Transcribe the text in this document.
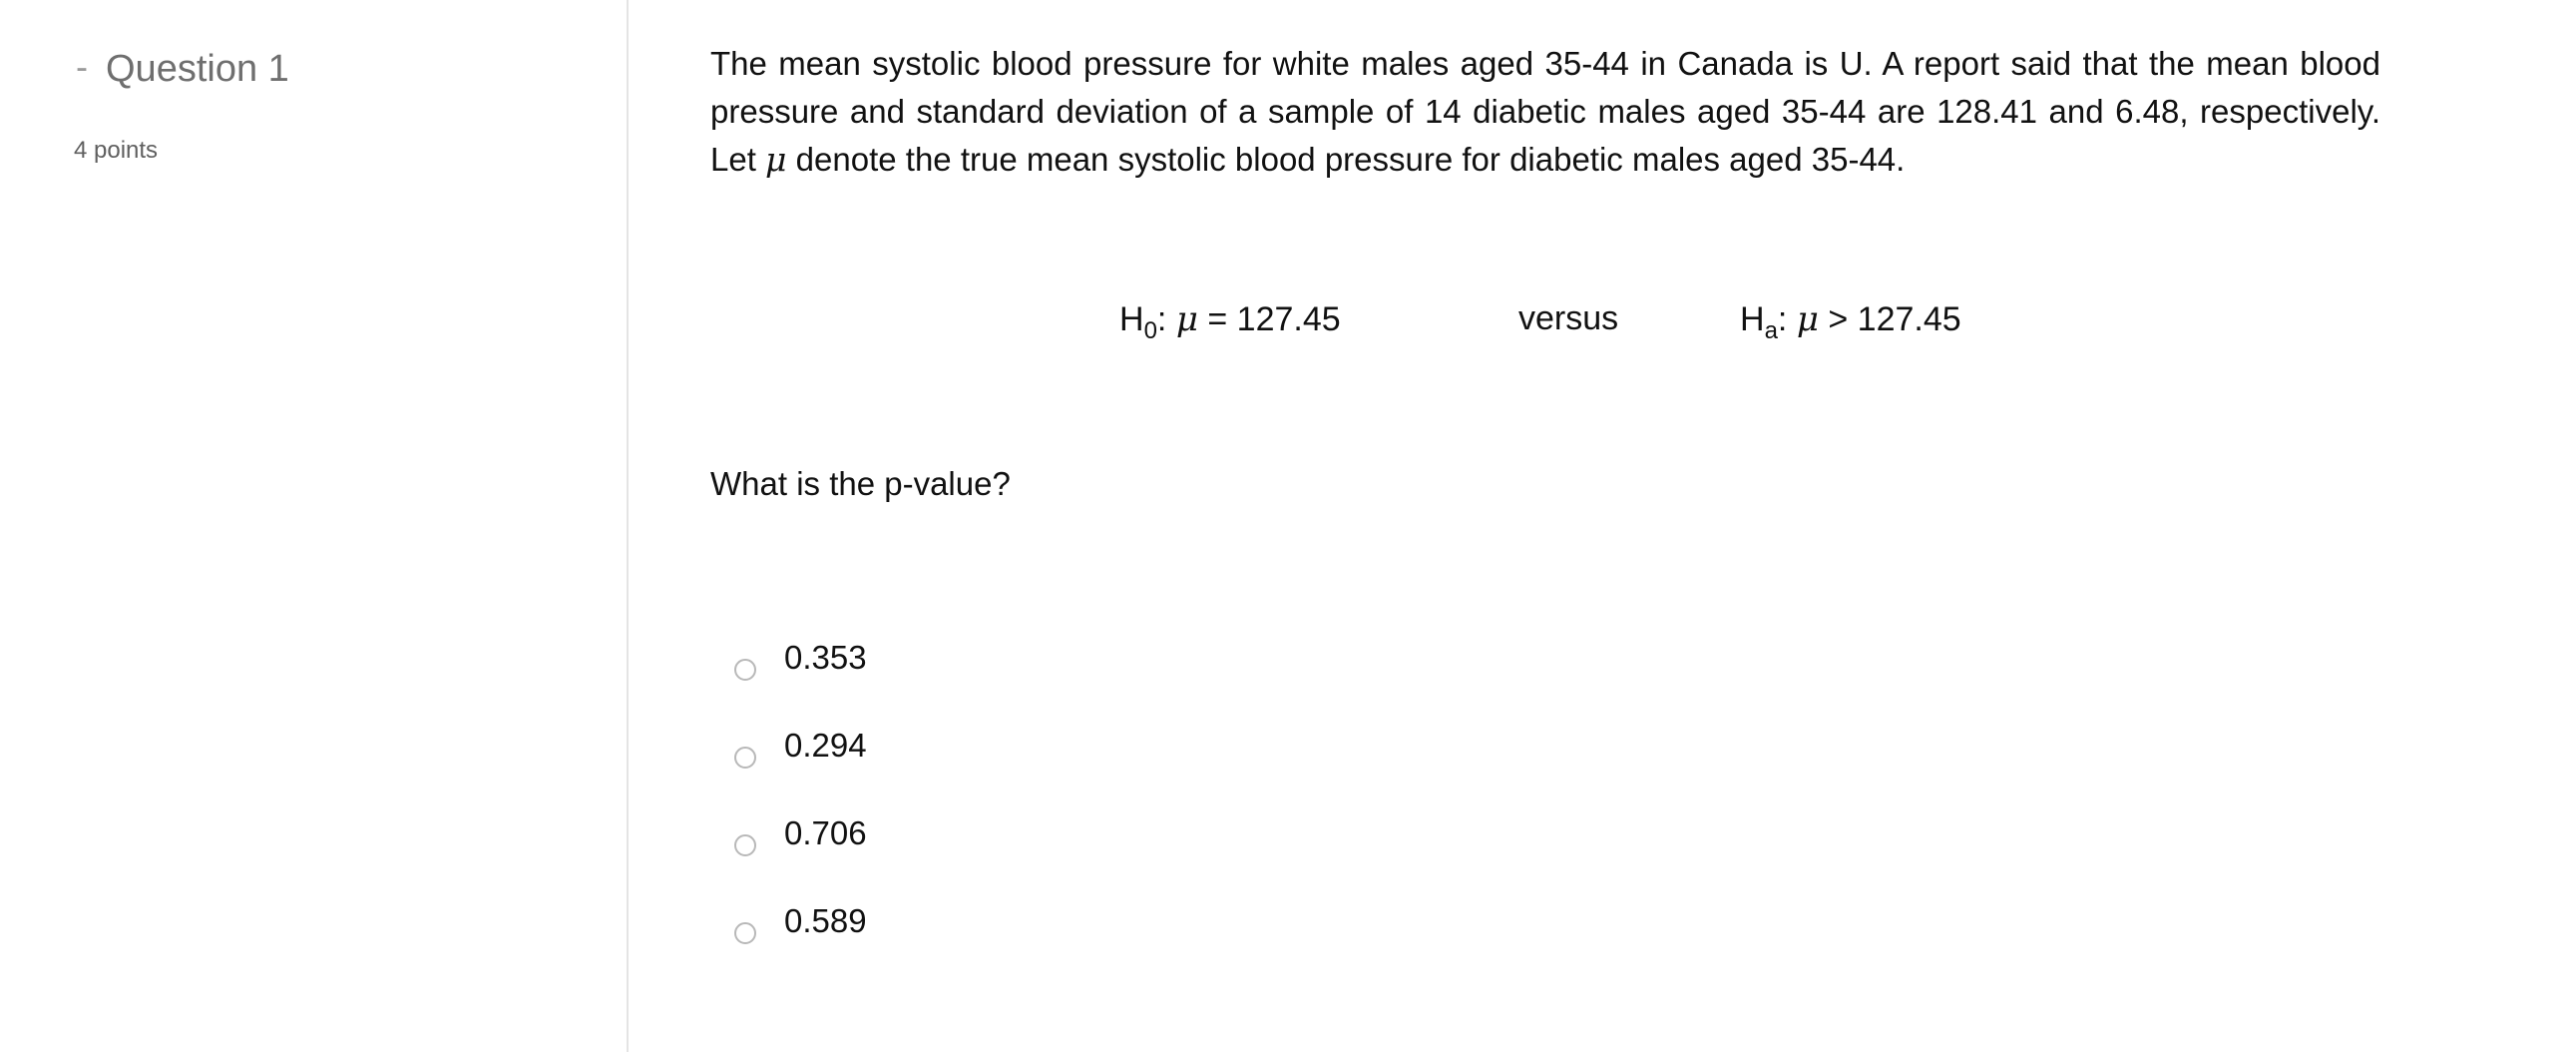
- Question 1
4 points

The mean systolic blood pressure for white males aged 35-44 in Canada is U. A report said that the mean blood pressure and standard deviation of a sample of 14 diabetic males aged 35-44 are 128.41 and 6.48, respectively. Let μ denote the true mean systolic blood pressure for diabetic males aged 35-44.

$H_0$: μ = 127.45	versus	$H_a$: μ > 127.45
What is the p-value?
0.353
0.294
0.706
0.589
